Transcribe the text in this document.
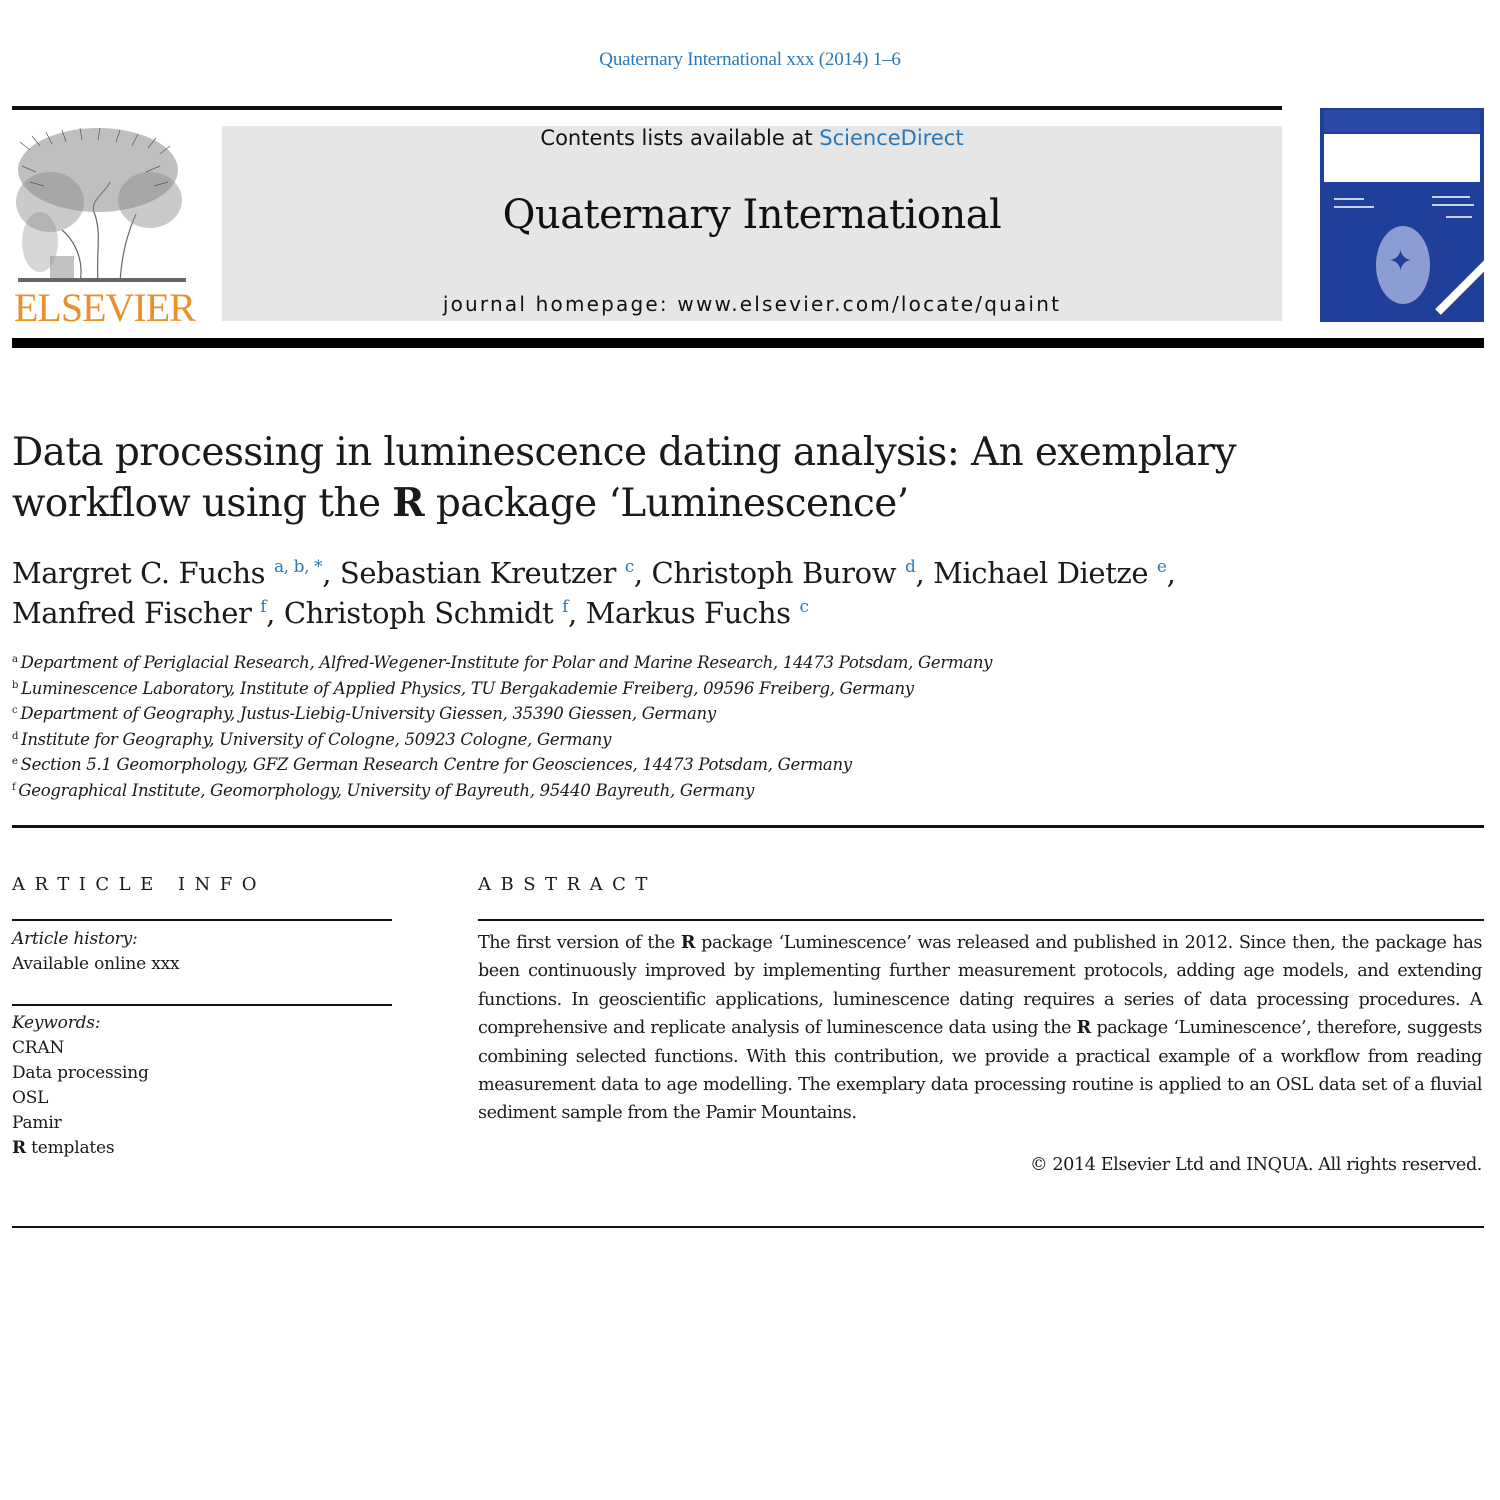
Quaternary International xxx (2014) 1–6
ELSEVIER
Contents lists available at ScienceDirect
Quaternary International
journal homepage: www.elsevier.com/locate/quaint
✦
Data processing in luminescence dating analysis: An exemplary workflow using the R package ‘Luminescence’
Margret C. Fuchs $^{a, b, *}$, Sebastian Kreutzer $^c$, Christoph Burow $^d$, Michael Dietze $^e$,
Manfred Fischer $^f$, Christoph Schmidt $^f$, Markus Fuchs $^c$
$^a$ Department of Periglacial Research, Alfred-Wegener-Institute for Polar and Marine Research, 14473 Potsdam, Germany
$^b$ Luminescence Laboratory, Institute of Applied Physics, TU Bergakademie Freiberg, 09596 Freiberg, Germany
$^c$ Department of Geography, Justus-Liebig-University Giessen, 35390 Giessen, Germany
$^d$ Institute for Geography, University of Cologne, 50923 Cologne, Germany
$^e$ Section 5.1 Geomorphology, GFZ German Research Centre for Geosciences, 14473 Potsdam, Germany
$^f$ Geographical Institute, Geomorphology, University of Bayreuth, 95440 Bayreuth, Germany
ARTICLE INFO	ABSTRACT
Article history:
Available online xxx
Keywords:
CRAN
Data processing
OSL
Pamir
R templates
The first version of the R package ‘Luminescence’ was released and published in 2012. Since then, the package has been continuously improved by implementing further measurement protocols, adding age models, and extending functions. In geoscientific applications, luminescence dating requires a series of data processing procedures. A comprehensive and replicate analysis of luminescence data using the R package ‘Luminescence’, therefore, suggests combining selected functions. With this contribution, we provide a practical example of a workflow from reading measurement data to age modelling. The exemplary data processing routine is applied to an OSL data set of a fluvial sediment sample from the Pamir Mountains.
© 2014 Elsevier Ltd and INQUA. All rights reserved.
